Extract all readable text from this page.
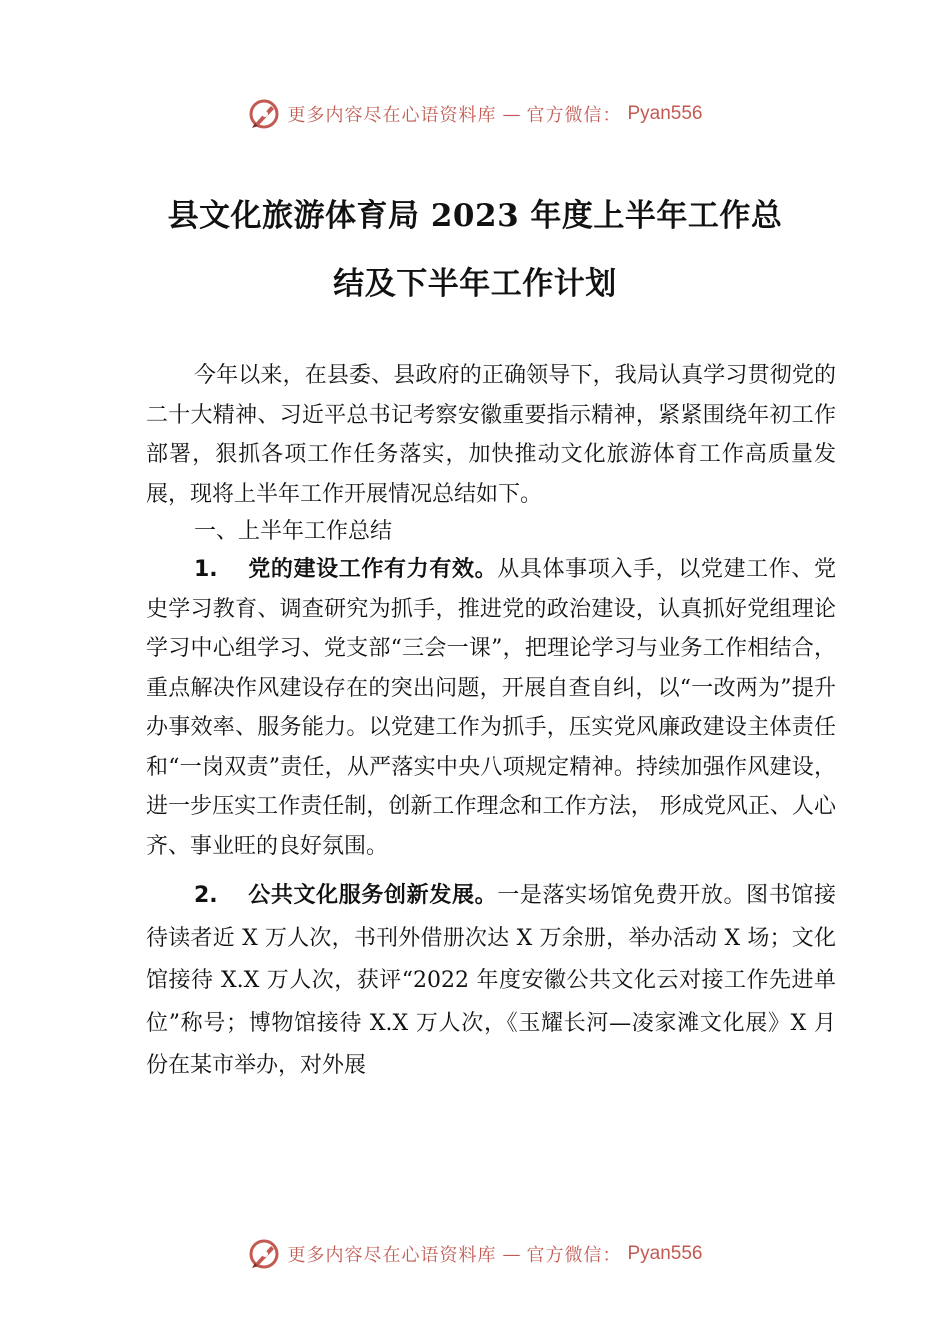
更多内容尽在心语资料库 — 官方微信： Pyan556
县文化旅游体育局 2023 年度上半年工作总
结及下半年工作计划

今年以来，在县委、县政府的正确领导下，我局认真学习贯彻党的二十大精神、习近平总书记考察安徽重要指示精神，紧紧围绕年初工作部署，狠抓各项工作任务落实，加快推动文化旅游体育工作高质量发展，现将上半年工作开展情况总结如下。

一、上半年工作总结

1. 党的建设工作有力有效。从具体事项入手，以党建工作、党史学习教育、调查研究为抓手，推进党的政治建设，认真抓好党组理论学习中心组学习、党支部“三会一课”，把理论学习与业务工作相结合，重点解决作风建设存在的突出问题，开展自查自纠，以“一改两为”提升办事效率、服务能力。以党建工作为抓手，压实党风廉政建设主体责任和“一岗双责”责任，从严落实中央八项规定精神。持续加强作风建设，进一步压实工作责任制，创新工作理念和工作方法， 形成党风正、人心齐、事业旺的良好氛围。

2. 公共文化服务创新发展。一是落实场馆免费开放。图书馆接待读者近 X 万人次，书刊外借册次达 X 万余册，举办活动 X 场；文化馆接待 X.X 万人次，获评“2022 年度安徽公共文化云对接工作先进单位”称号；博物馆接待 X.X 万人次，《玉耀长河—凌家滩文化展》X 月份在某市举办，对外展

更多内容尽在心语资料库 — 官方微信： Pyan556
